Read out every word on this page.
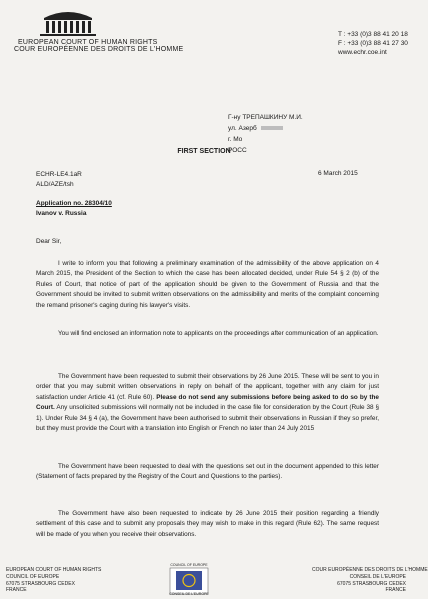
EUROPEAN COURT OF HUMAN RIGHTS
COUR EUROPÉENNE DES DROITS DE L'HOMME
T : +33 (0)3 88 41 20 18
F : +33 (0)3 88 41 27 30
www.echr.coe.int
Г-ну ТРЕПАШКИНУ М.И.
ул. Азерб
г. Мо
РОСС
FIRST SECTION
ECHR-LE4.1aR
ALD/AZE/tsh
6 March 2015
Application no. 28304/10
Ivanov v. Russia
Dear Sir,
I write to inform you that following a preliminary examination of the admissibility of the above application on 4 March 2015, the President of the Section to which the case has been allocated decided, under Rule 54 § 2 (b) of the Rules of Court, that notice of part of the application should be given to the Government of Russia and that the Government should be invited to submit written observations on the admissibility and merits of the complaint concerning the remand prisoner's caging during his lawyer's visits.
You will find enclosed an information note to applicants on the proceedings after communication of an application.
The Government have been requested to submit their observations by 26 June 2015. These will be sent to you in order that you may submit written observations in reply on behalf of the applicant, together with any claim for just satisfaction under Article 41 (cf. Rule 60). Please do not send any submissions before being asked to do so by the Court. Any unsolicited submissions will normally not be included in the case file for consideration by the Court (Rule 38 § 1). Under Rule 34 § 4 (a), the Government have been authorised to submit their observations in Russian if they so prefer, but they must provide the Court with a translation into English or French no later than 24 July 2015
The Government have been requested to deal with the questions set out in the document appended to this letter (Statement of facts prepared by the Registry of the Court and Questions to the parties).
The Government have also been requested to indicate by 26 June 2015 their position regarding a friendly settlement of this case and to submit any proposals they may wish to make in this regard (Rule 62). The same request will be made of you when you receive their observations.
EUROPEAN COURT OF HUMAN RIGHTS
COUNCIL OF EUROPE
67075 STRASBOURG CEDEX
FRANCE
COUNCIL OF EUROPE
CONSEIL DE L'EUROPE
COUR EUROPÉENNE DES DROITS DE L'HOMME
CONSEIL DE L'EUROPE
67075 STRASBOURG CEDEX
FRANCE
